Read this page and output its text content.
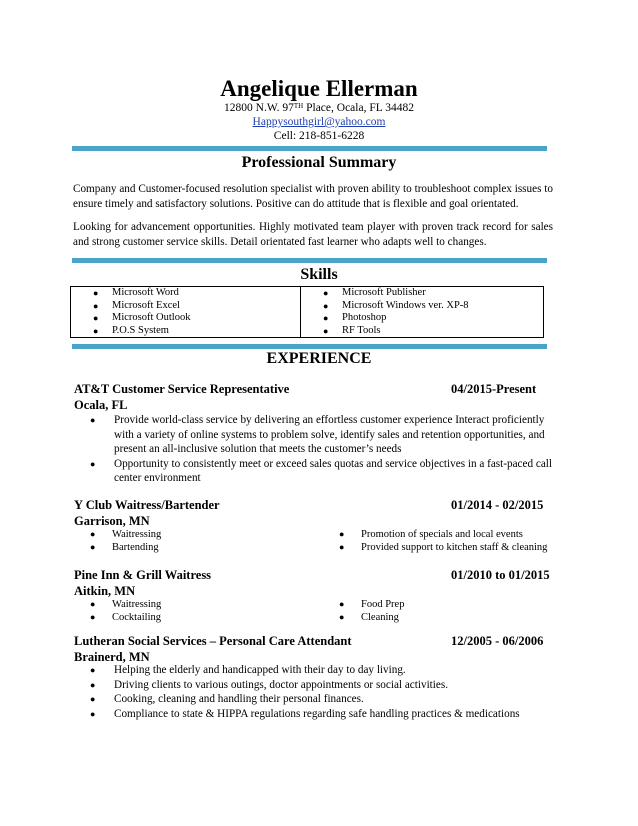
Angelique Ellerman
12800 N.W. 97TH Place, Ocala, FL 34482
Happysouthgirl@yahoo.com
Cell: 218-851-6228
Professional Summary
Company and Customer-focused resolution specialist with proven ability to troubleshoot complex issues to ensure timely and satisfactory solutions. Positive can do attitude that is flexible and goal orientated.
Looking for advancement opportunities. Highly motivated team player with proven track record for sales and strong customer service skills. Detail orientated fast learner who adapts well to changes.
Skills
● Microsoft Word
● Microsoft Excel
● Microsoft Outlook
● P.O.S System
● Microsoft Publisher
● Microsoft Windows ver. XP-8
● Photoshop
● RF Tools
EXPERIENCE
AT&T Customer Service Representative	04/2015-Present
Ocala, FL
● Provide world-class service by delivering an effortless customer experience Interact proficiently with a variety of online systems to problem solve, identify sales and retention opportunities, and present an all-inclusive solution that meets the customer’s needs
● Opportunity to consistently meet or exceed sales quotas and service objectives in a fast-paced call center environment
Y Club Waitress/Bartender	01/2014 - 02/2015
Garrison, MN
● Waitressing
● Bartending
● Promotion of specials and local events
● Provided support to kitchen staff & cleaning
Pine Inn & Grill Waitress	01/2010 to 01/2015
Aitkin, MN
● Waitressing
● Cocktailing
● Food Prep
● Cleaning
Lutheran Social Services – Personal Care Attendant	12/2005 - 06/2006
Brainerd, MN
● Helping the elderly and handicapped with their day to day living.
● Driving clients to various outings, doctor appointments or social activities.
● Cooking, cleaning and handling their personal finances.
● Compliance to state & HIPPA regulations regarding safe handling practices & medications
